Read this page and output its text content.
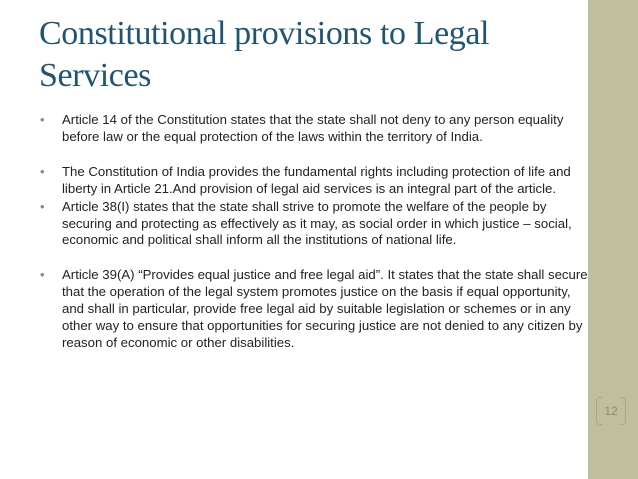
Constitutional provisions to Legal Services
• Article 14 of the Constitution states that the state shall not deny to any person equality before law or the equal protection of the laws within the territory of India.
• The Constitution of India provides the fundamental rights including protection of life and liberty in Article 21.And provision of legal aid services is an integral part of the article.
• Article 38(I) states that the state shall strive to promote the welfare of the people by securing and protecting as effectively as it may, as social order in which justice – social, economic and political shall inform all the institutions of national life.
• Article 39(A) “Provides equal justice and free legal aid”. It states that the state shall secure that the operation of the legal system promotes justice on the basis if equal opportunity, and shall in particular, provide free legal aid by suitable legislation or schemes or in any other way to ensure that opportunities for securing justice are not denied to any citizen by reason of economic or other disabilities.
12
